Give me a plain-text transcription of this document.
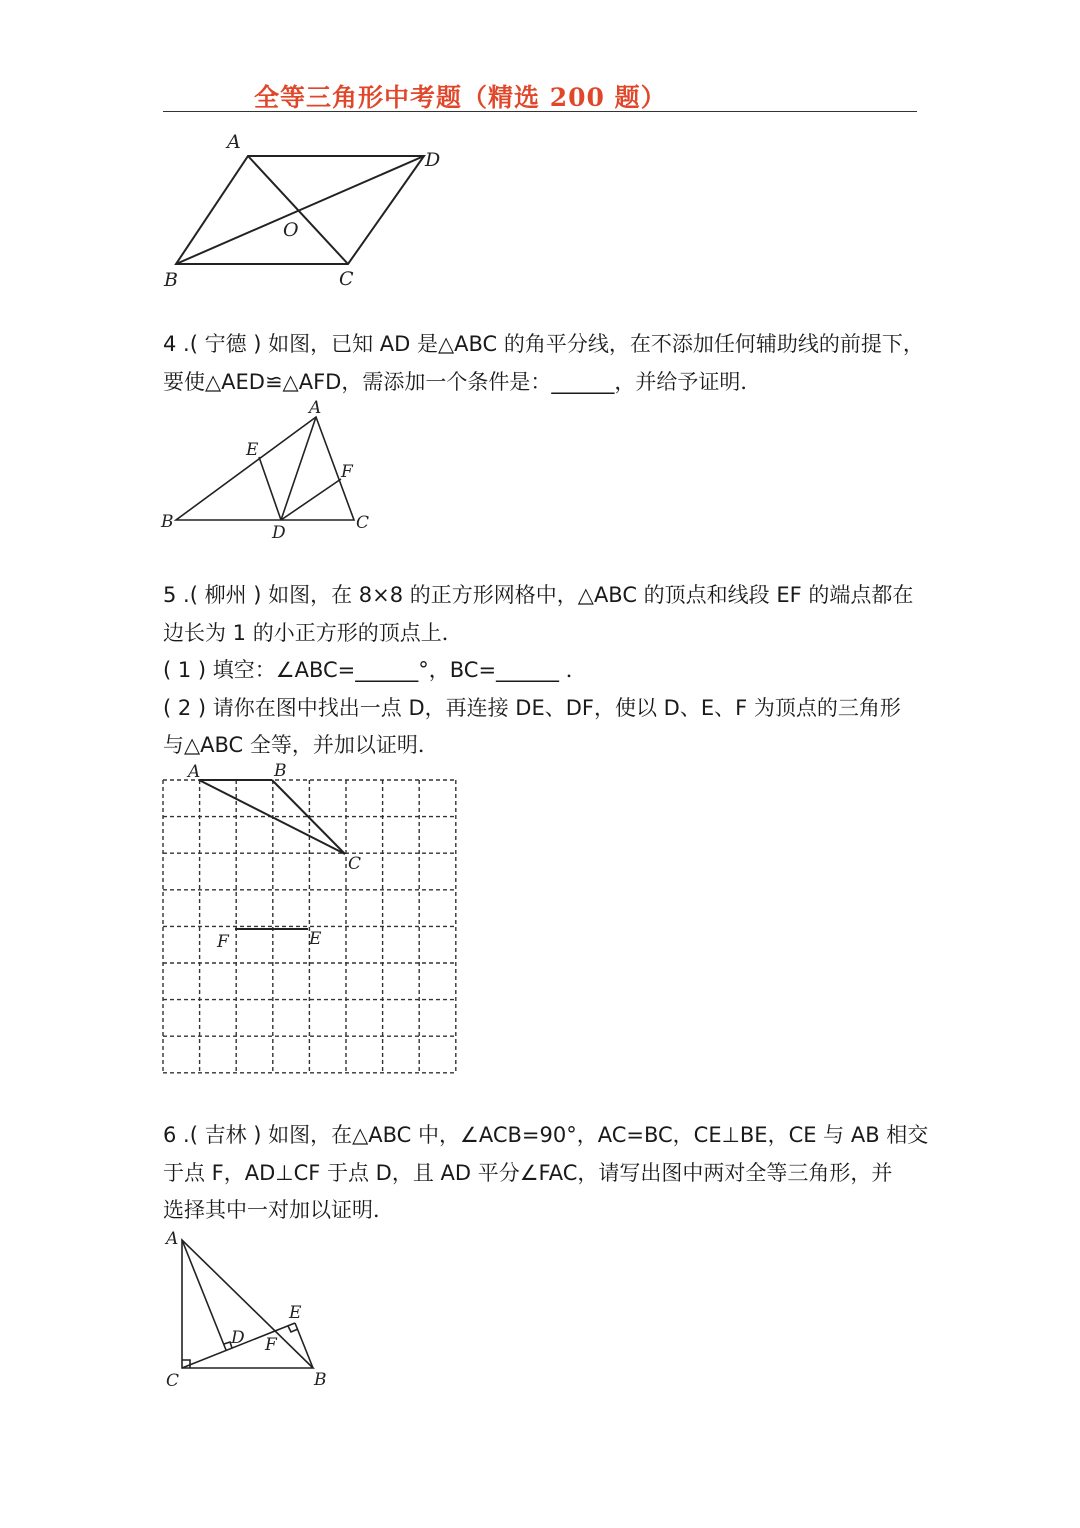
全等三角形中考题（精选 200 题）
A
D
O
B	C

4 .( 宁德 ) 如图，已知 AD 是△ABC 的角平分线，在不添加任何辅助线的前提下，

要使△AED≌△AFD，需添加一个条件是：______，并给予证明．

A
E
F
B
D	C

5 .( 柳州 ) 如图，在 8×8 的正方形网格中，△ABC 的顶点和线段 EF 的端点都在

边长为 1 的小正方形的顶点上．

( 1 ) 填空：∠ABC=______°，BC=______ ．

( 2 ) 请你在图中找出一点 D，再连接 DE、DF，使以 D、E、F 为顶点的三角形

与△ABC 全等，并加以证明．

A	B
C
F	E

6 .( 吉林 ) 如图，在△ABC 中，∠ACB=90°，AC=BC，CE⊥BE，CE 与 AB 相交

于点 F，AD⊥CF 于点 D，且 AD 平分∠FAC，请写出图中两对全等三角形，并

选择其中一对加以证明．

A
E
D F
C	B
